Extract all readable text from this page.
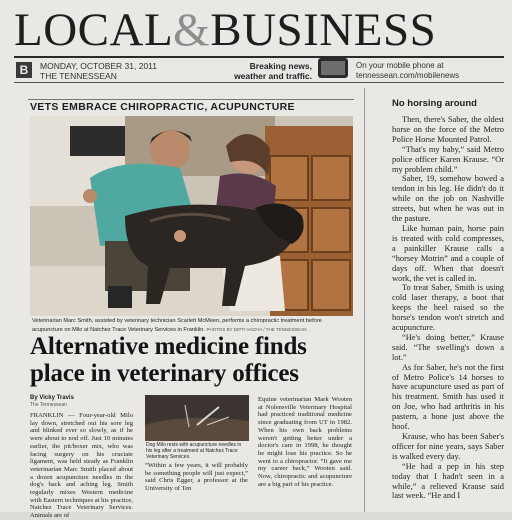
LOCAL&BUSINESS
B	MONDAY, OCTOBER 31, 2011
THE TENNESSEAN
Breaking news,
weather and traffic.
On your mobile phone at
tennessean.com/mobilenews
VETS EMBRACE CHIROPRACTIC, ACUPUNCTURE
Veterinarian Marc Smith, assisted by veterinary technician Scarlett McMeen, performs a chiropractic treatment before acupuncture on Milo at Natchez Trace Veterinary Services in Franklin. PHOTOS BY DIPTI VAIDYA / THE TENNESSEAN
Alternative medicine finds place in veterinary offices
By Vicky Travis
The Tennessean
FRANKLIN — Four-year-old Milo lay down, stretched out his sore leg and blinked ever so slowly, as if he were about to nod off. Just 10 minutes earlier, the pit/boxer mix, who was facing surgery on his cruciate ligament, was held steady as Franklin veterinarian Marc Smith placed about a dozen acupuncture needles in the dog's back and aching leg. Smith regularly mixes Western medicine with Eastern techniques at his practice, Natchez Trace Veterinary Services. Animals are of
Dog Milo rests with acupuncture needles in his leg after a treatment at Natchez Trace Veterinary Services.
“Within a few years, it will probably be something people will just expect,” said Chris Egger, a professor at the University of Ten
Equine veterinarian Mark Wooten at Nolensville Veterinary Hospital had practiced traditional medicine since graduating from UT in 1982. When his own back problems weren't getting better under a doctor's care in 1998, he thought he might lose his practice. So he went to a chiropractor. “It gave me my career back,” Wooten said. Now, chiropractic and acupuncture are a big part of his practice.
No horsing around

Then, there's Saber, the oldest horse on the force of the Metro Police Horse Mounted Patrol.

“That's my baby,” said Metro police officer Karen Krause. “Or my problem child.”

Saber, 19, somehow bowed a tendon in his leg. He didn't do it while on the job on Nashville streets, but when he was out in the pasture.

Like human pain, horse pain is treated with cold compresses, a painkiller Krause calls a “horsey Motrin” and a couple of days off. When that doesn't work, the vet is called in.

To treat Saber, Smith is using cold laser therapy, a boot that keeps the heel raised so the horse's tendon won't stretch and acupuncture.

“He's doing better,” Krause said. “The swelling's down a lot.”

As for Saber, he's not the first of Metro Police's 14 horses to have acupuncture used as part of his treatment. Smith has used it on Joe, who had arthritis in his pastern, a bone just above the hoof.

Krause, who has been Saber's officer for nine years, says Saber is walked every day.

“He had a pep in his step today that I hadn't seen in a while,” a relieved Krause said last week. “He and I
